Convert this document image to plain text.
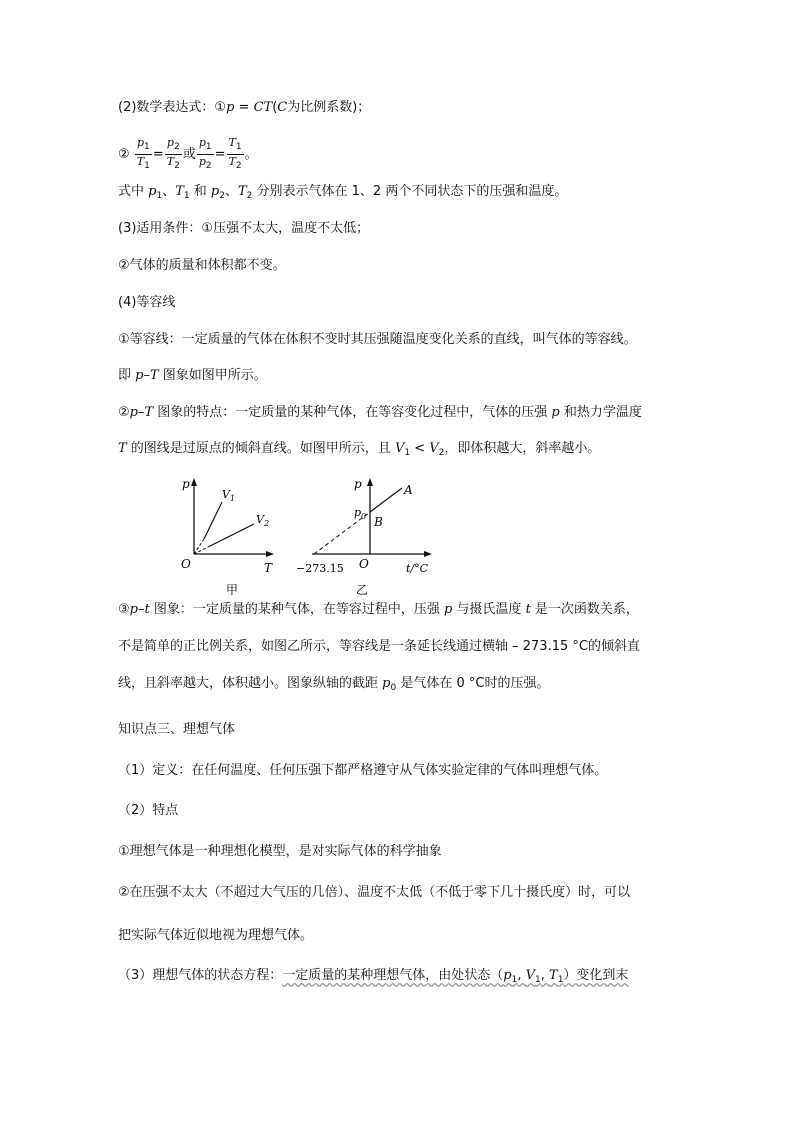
(2)数学表达式：①p = CT(C为比例系数)；
② $\frac{p_1}{T_1} = \frac{p_2}{T_2}$ 或 $\frac{p_1}{p_2} = \frac{T_1}{T_2}$ 。
式中 $p_1$、$T_1$ 和 $p_2$、$T_2$ 分别表示气体在 1、2 两个不同状态下的压强和温度。
(3)适用条件：①压强不太大，温度不太低；
②气体的质量和体积都不变。
(4)等容线
①等容线：一定质量的气体在体积不变时其压强随温度变化关系的直线，叫气体的等容线。
即 p–T 图象如图甲所示。
②p–T 图象的特点：一定质量的某种气体，在等容变化过程中，气体的压强 p 和热力学温度
T 的图线是过原点的倾斜直线。如图甲所示，且 $V_1 < V_2$，即体积越大，斜率越小。
p
T
O
$V_1$
$V_2$
甲
p	A
B
$p_0$
O
−273.15	t/°C
乙
③p–t 图象：一定质量的某种气体，在等容过程中，压强 p 与摄氏温度 t 是一次函数关系，
不是简单的正比例关系，如图乙所示，等容线是一条延长线通过横轴 – 273.15 °C的倾斜直
线，且斜率越大，体积越小。图象纵轴的截距 $p_0$ 是气体在 0 °C时的压强。
知识点三、理想气体
（1）定义：在任何温度、任何压强下都严格遵守从气体实验定律的气体叫理想气体。
（2）特点
①理想气体是一种理想化模型，是对实际气体的科学抽象
②在压强不太大（不超过大气压的几倍）、温度不太低（不低于零下几十摄氏度）时，可以
把实际气体近似地视为理想气体。
（3）理想气体的状态方程：一定质量的某种理想气体，由处状态（$p_1$, $V_1$, $T_1$）变化到末
